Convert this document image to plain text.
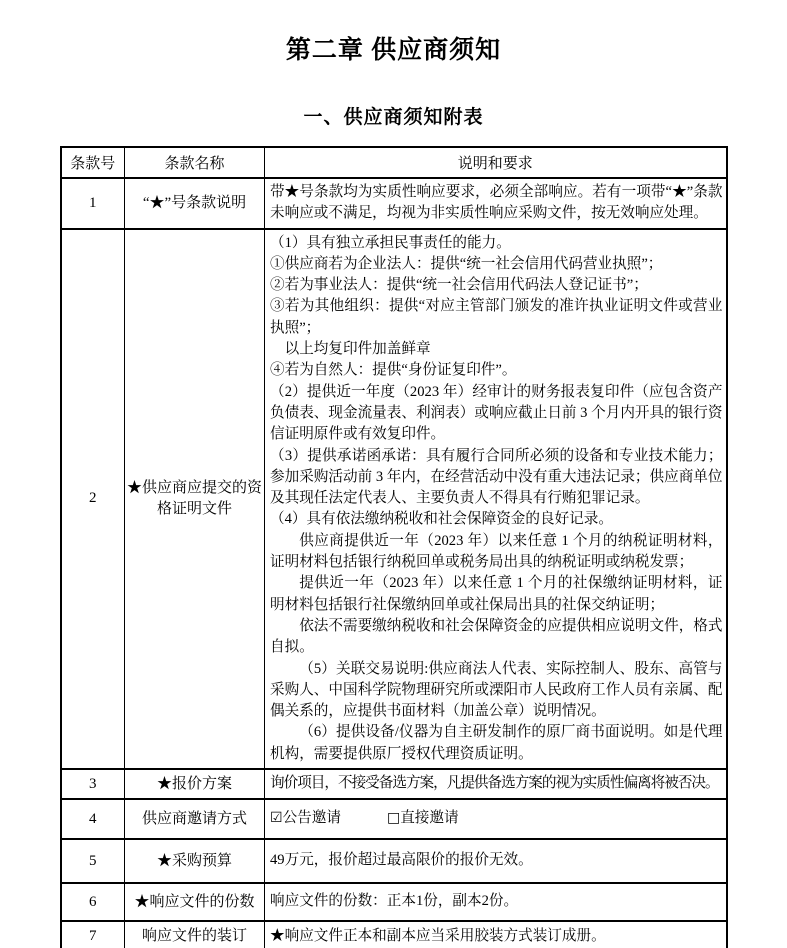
第二章 供应商须知
一、供应商须知附表
条款号	条款名称	说明和要求
1	“★”号条款说明	带★号条款均为实质性响应要求，必须全部响应。若有一项带“★”条款未响应或不满足，均视为非实质性响应采购文件，按无效响应处理。

2	★供应商应提交的资格证明文件	

（1）具有独立承担民事责任的能力。

①供应商若为企业法人：提供“统一社会信用代码营业执照”；

②若为事业法人：提供“统一社会信用代码法人登记证书”；

③若为其他组织：提供“对应主管部门颁发的准许执业证明文件或营业执照”；

以上均复印件加盖鲜章

④若为自然人：提供“身份证复印件”。

（2）提供近一年度（2023 年）经审计的财务报表复印件（应包含资产负债表、现金流量表、利润表）或响应截止日前 3 个月内开具的银行资信证明原件或有效复印件。

（3）提供承诺函承诺：具有履行合同所必须的设备和专业技术能力；参加采购活动前 3 年内，在经营活动中没有重大违法记录；供应商单位及其现任法定代表人、主要负责人不得具有行贿犯罪记录。

（4）具有依法缴纳税收和社会保障资金的良好记录。

供应商提供近一年（2023 年）以来任意 1 个月的纳税证明材料，证明材料包括银行纳税回单或税务局出具的纳税证明或纳税发票；

提供近一年（2023 年）以来任意 1 个月的社保缴纳证明材料，证明材料包括银行社保缴纳回单或社保局出具的社保交纳证明；

依法不需要缴纳税收和社会保障资金的应提供相应说明文件，格式自拟。

（5）关联交易说明:供应商法人代表、实际控制人、股东、高管与采购人、中国科学院物理研究所或溧阳市人民政府工作人员有亲属、配偶关系的，应提供书面材料（加盖公章）说明情况。

（6）提供设备/仪器为自主研发制作的原厂商书面说明。如是代理机构，需要提供原厂授权代理资质证明。

3	★报价方案	询价项目，不接受备选方案，凡提供备选方案的视为实质性偏离将被否决。

4	供应商邀请方式	☑公告邀请 □直接邀请
5	★采购预算	49万元，报价超过最高限价的报价无效。

6	★响应文件的份数	响应文件的份数：正本1份，副本2份。

7	响应文件的装订	★响应文件正本和副本应当采用胶装方式装订成册。
